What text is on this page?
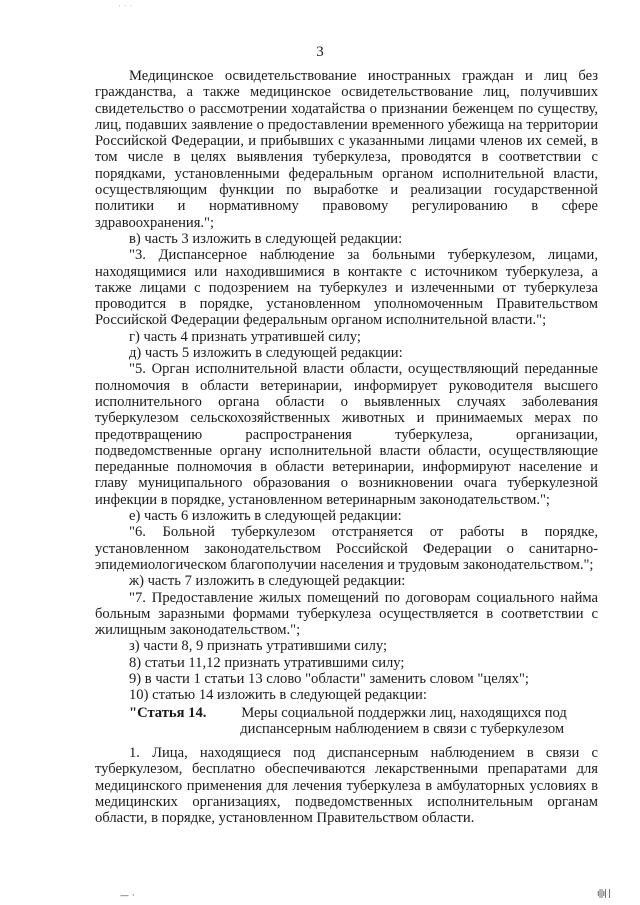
· · ·
3

Медицинское освидетельствование иностранных граждан и лиц без гражданства, а также медицинское освидетельствование лиц, получивших свидетельство о рассмотрении ходатайства о признании беженцем по существу, лиц, подавших заявление о предоставлении временного убежища на территории Российской Федерации, и прибывших с указанными лицами членов их семей, в том числе в целях выявления туберкулеза, проводятся в соответствии с порядками, установленными федеральным органом исполнительной власти, осуществляющим функции по выработке и реализации государственной политики и нормативному правовому регулированию в сфере здравоохранения.";

в) часть 3 изложить в следующей редакции:

"3. Диспансерное наблюдение за больными туберкулезом, лицами, находящимися или находившимися в контакте с источником туберкулеза, а также лицами с подозрением на туберкулез и излеченными от туберкулеза проводится в порядке, установленном уполномоченным Правительством Российской Федерации федеральным органом исполнительной власти.";

г) часть 4 признать утратившей силу;

д) часть 5 изложить в следующей редакции:

"5. Орган исполнительной власти области, осуществляющий переданные полномочия в области ветеринарии, информирует руководителя высшего исполнительного органа области о выявленных случаях заболевания туберкулезом сельскохозяйственных животных и принимаемых мерах по предотвращению распространения туберкулеза, организации, подведомственные органу исполнительной власти области, осуществляющие переданные полномочия в области ветеринарии, информируют население и главу муниципального образования о возникновении очага туберкулезной инфекции в порядке, установленном ветеринарным законодательством.";

е) часть 6 изложить в следующей редакции:

"6. Больной туберкулезом отстраняется от работы в порядке, установленном законодательством Российской Федерации о санитарно-эпидемиологическом благополучии населения и трудовым законодательством.";

ж) часть 7 изложить в следующей редакции:

"7. Предоставление жилых помещений по договорам социального найма больным заразными формами туберкулеза осуществляется в соответствии с жилищным законодательством.";

з) части 8, 9 признать утратившими силу;

8) статьи 11,12 признать утратившими силу;

9) в части 1 статьи 13 слово "области" заменить словом "целях";

10) статью 14 изложить в следующей редакции:

"Статья 14.	Меры социальной поддержки лиц, находящихся под диспансерным наблюдением в связи с туберкулезом

1. Лица, находящиеся под диспансерным наблюдением в связи с туберкулезом, бесплатно обеспечиваются лекарственными препаратами для медицинского применения для лечения туберкулеза в амбулаторных условиях в медицинских организациях, подведомственных исполнительным органам области, в порядке, установленном Правительством области.

— ·	ı||ı| |
